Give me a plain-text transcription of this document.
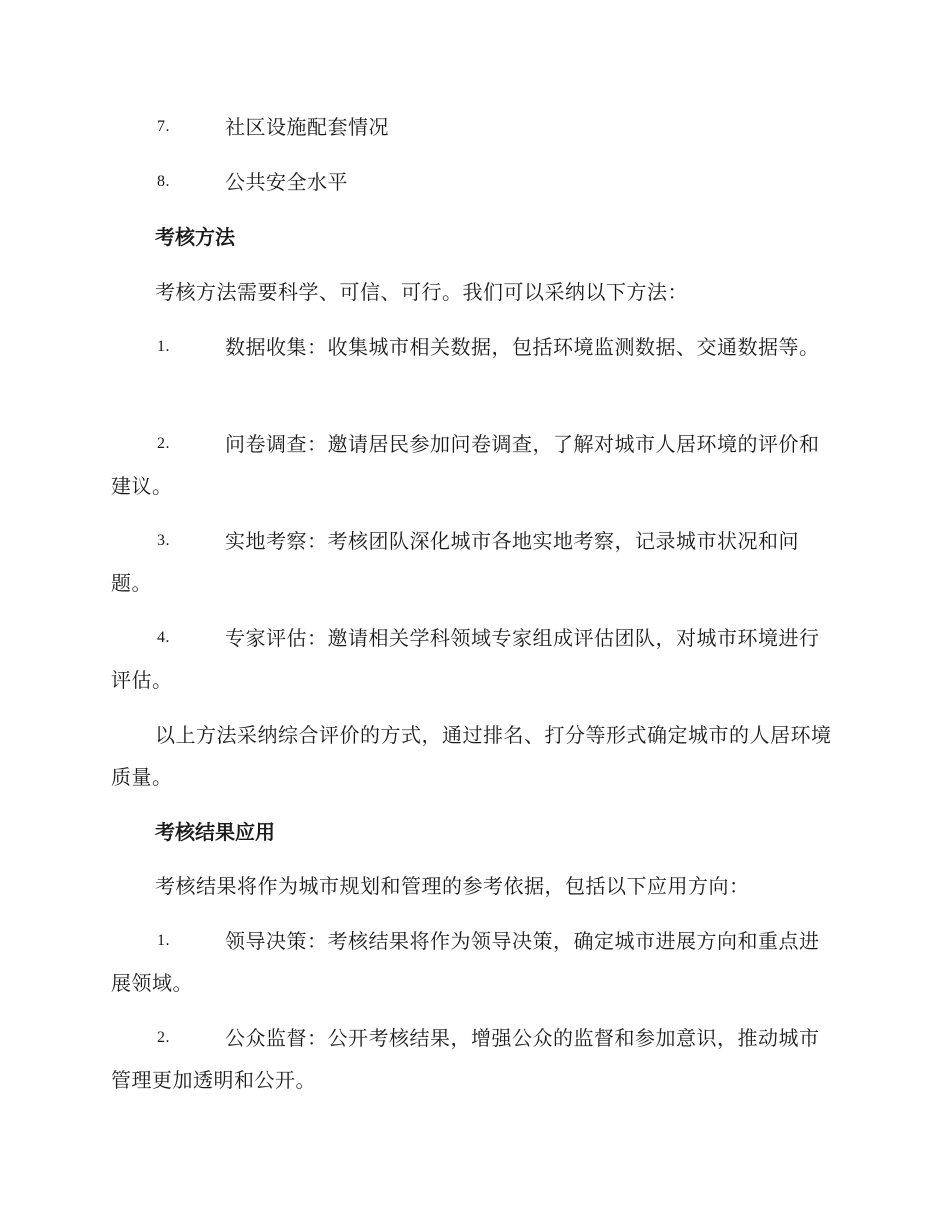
7.	社区设施配套情况
8.	公共安全水平
考核方法
考核方法需要科学、可信、可行。我们可以采纳以下方法：
1.	数据收集：收集城市相关数据，包括环境监测数据、交通数据等。
2.	问卷调查：邀请居民参加问卷调查，了解对城市人居环境的评价和建议。
3.	实地考察：考核团队深化城市各地实地考察，记录城市状况和问题。
4.	专家评估：邀请相关学科领域专家组成评估团队，对城市环境进行评估。
以上方法采纳综合评价的方式，通过排名、打分等形式确定城市的人居环境质量。
考核结果应用
考核结果将作为城市规划和管理的参考依据，包括以下应用方向：
1.	领导决策：考核结果将作为领导决策，确定城市进展方向和重点进展领域。
2.	公众监督：公开考核结果，增强公众的监督和参加意识，推动城市管理更加透明和公开。
